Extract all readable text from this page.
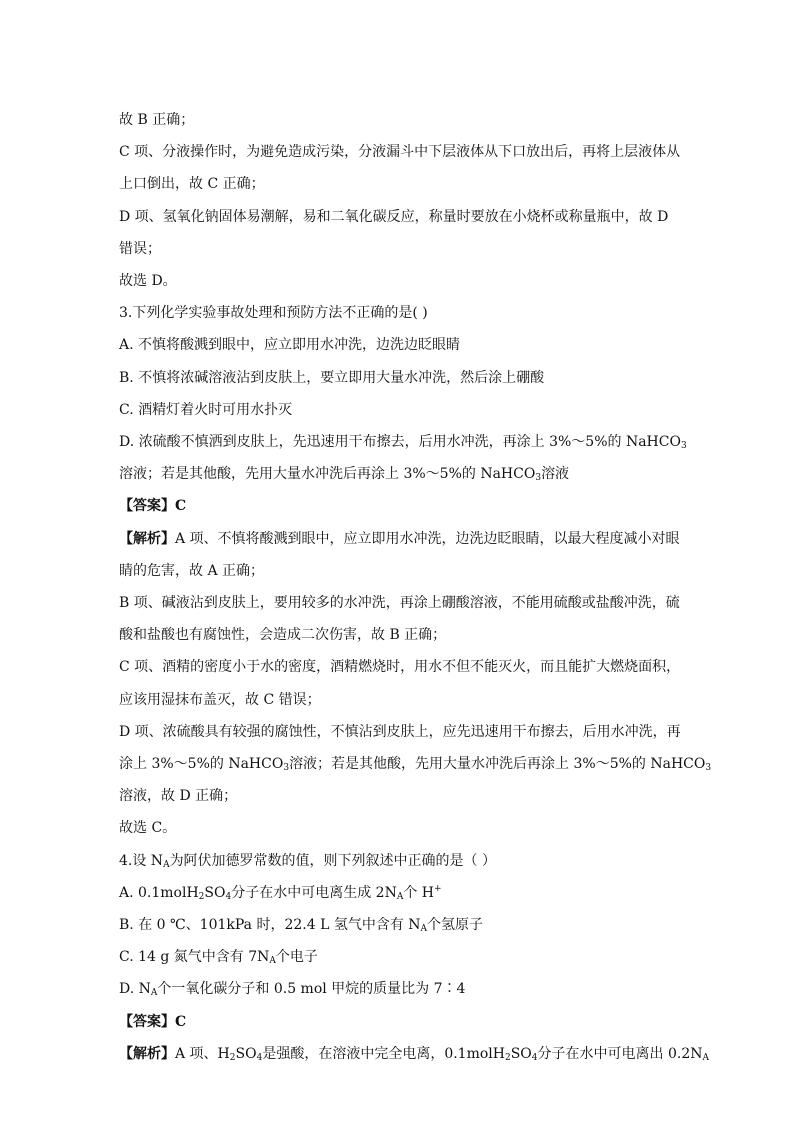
故 B 正确；

C 项、分液操作时，为避免造成污染，分液漏斗中下层液体从下口放出后，再将上层液体从

上口倒出，故 C 正确；

D 项、氢氧化钠固体易潮解，易和二氧化碳反应，称量时要放在小烧杯或称量瓶中，故 D

错误；

故选 D。

3.下列化学实验事故处理和预防方法不正确的是( )

A. 不慎将酸溅到眼中，应立即用水冲洗，边洗边眨眼睛

B. 不慎将浓碱溶液沾到皮肤上，要立即用大量水冲洗，然后涂上硼酸

C. 酒精灯着火时可用水扑灭

D. 浓硫酸不慎洒到皮肤上，先迅速用干布擦去，后用水冲洗，再涂上 3%～5%的 NaHCO$_3$

溶液；若是其他酸，先用大量水冲洗后再涂上 3%～5%的 NaHCO$_3$溶液

【答案】C

【解析】A 项、不慎将酸溅到眼中，应立即用水冲洗，边洗边眨眼睛，以最大程度减小对眼

睛的危害，故 A 正确；

B 项、碱液沾到皮肤上，要用较多的水冲洗，再涂上硼酸溶液，不能用硫酸或盐酸冲洗，硫

酸和盐酸也有腐蚀性，会造成二次伤害，故 B 正确；

C 项、酒精的密度小于水的密度，酒精燃烧时，用水不但不能灭火，而且能扩大燃烧面积，

应该用湿抹布盖灭，故 C 错误；

D 项、浓硫酸具有较强的腐蚀性，不慎沾到皮肤上，应先迅速用干布擦去，后用水冲洗，再

涂上 3%～5%的 NaHCO$_3$溶液；若是其他酸，先用大量水冲洗后再涂上 3%～5%的 NaHCO$_3$

溶液，故 D 正确；

故选 C。

4.设 $N_A$为阿伏加德罗常数的值，则下列叙述中正确的是（ ）

A. $0.1molH_2SO_4$分子在水中可电离生成 $2N_A$个 H+

B. 在 0 ℃、101kPa 时，22.4 L 氢气中含有 $N_A$个氢原子

C. 14 g 氮气中含有 $7N_A$个电子

D. $N_A$个一氧化碳分子和 0.5 mol 甲烷的质量比为 7∶4

【答案】C

【解析】A 项、$H_2SO_4$是强酸，在溶液中完全电离，$0.1molH_2SO_4$分子在水中可电离出 $0.2N_A$
